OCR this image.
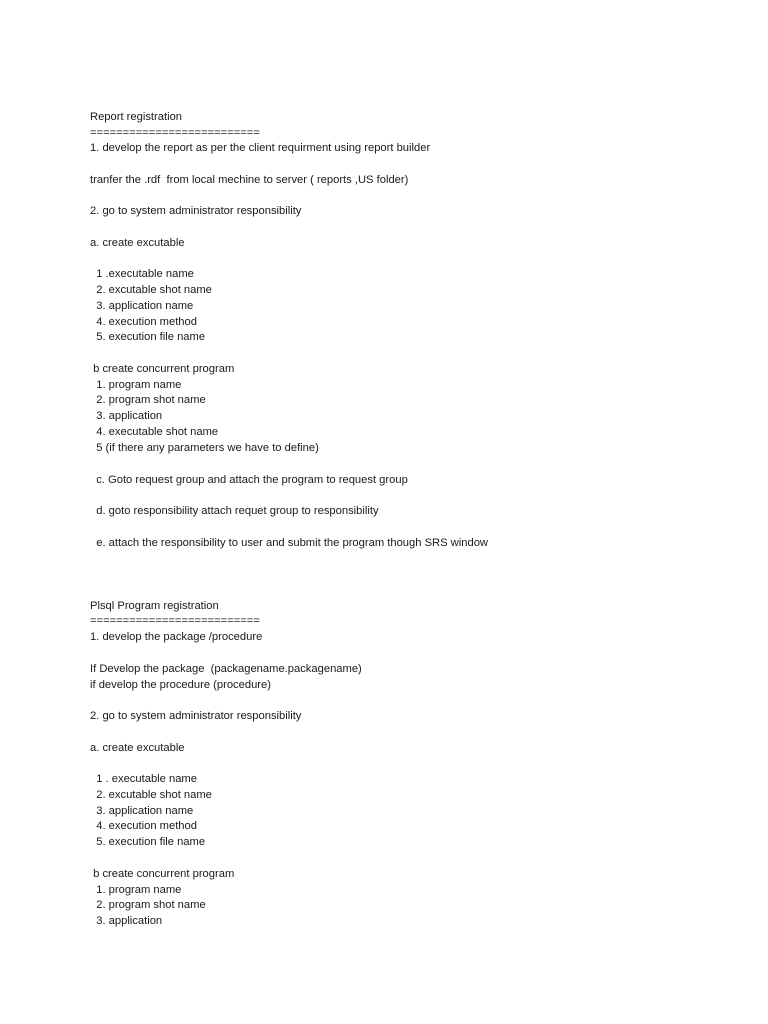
Report registration
==========================
1. develop the report as per the client requirment using report builder
tranfer the .rdf  from local mechine to server ( reports ,US folder)
2. go to system administrator responsibility
a. create excutable
1 .executable name
2. excutable shot name
3. application name
4. execution method
5. execution file name
b create concurrent program
1. program name
2. program shot name
3. application
4. executable shot name
5 (if there any parameters we have to define)
c. Goto request group and attach the program to request group
d. goto responsibility attach requet group to responsibility
e. attach the responsibility to user and submit the program though SRS window
Plsql Program registration
==========================
1. develop the package /procedure
If Develop the package  (packagename.packagename)
if develop the procedure (procedure)
2. go to system administrator responsibility
a. create excutable
1 . executable name
2. excutable shot name
3. application name
4. execution method
5. execution file name
b create concurrent program
1. program name
2. program shot name
3. application
